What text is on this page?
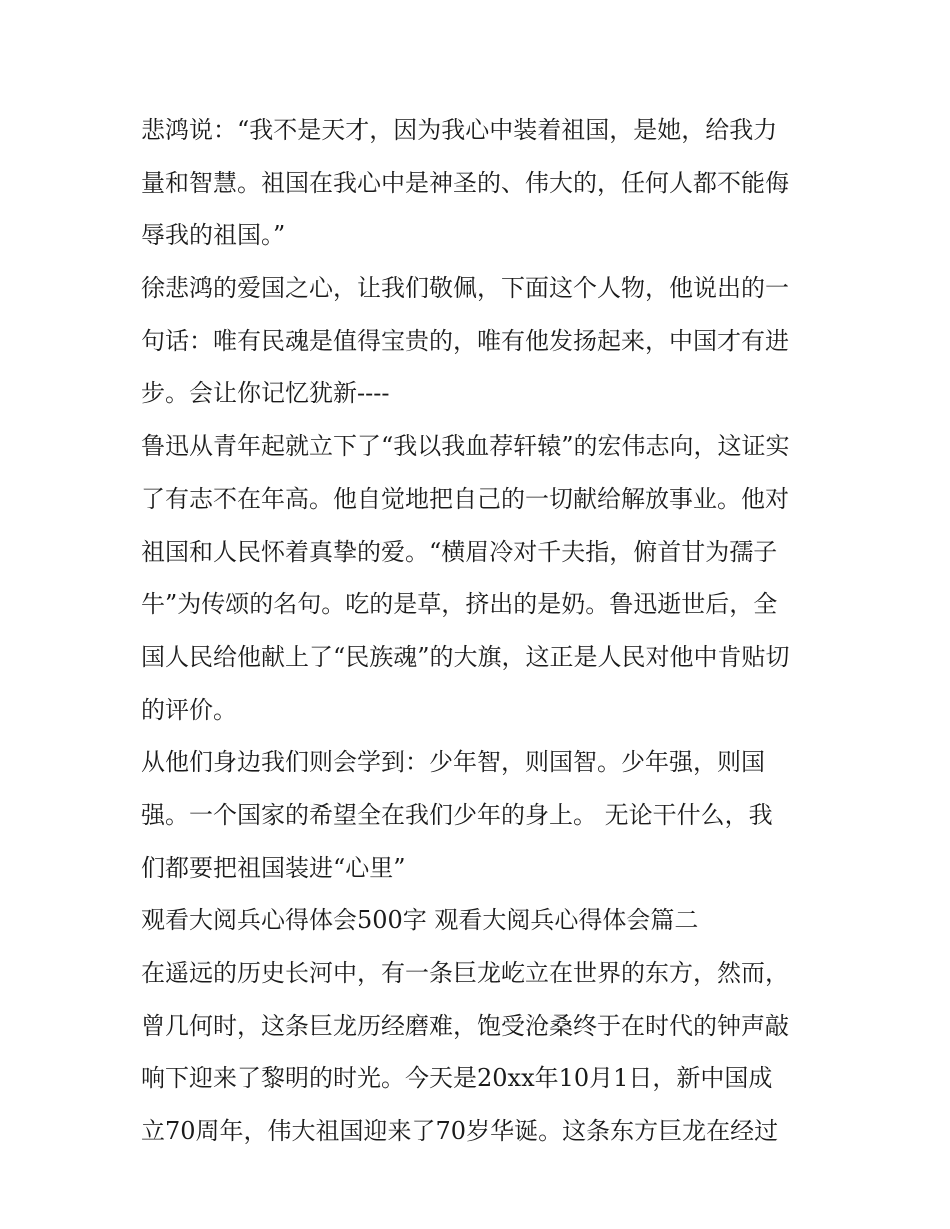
悲鸿说：“我不是天才，因为我心中装着祖国，是她，给我力
量和智慧。祖国在我心中是神圣的、伟大的，任何人都不能侮
辱我的祖国。”
徐悲鸿的爱国之心，让我们敬佩，下面这个人物，他说出的一
句话：唯有民魂是值得宝贵的，唯有他发扬起来，中国才有进
步。会让你记忆犹新----
鲁迅从青年起就立下了“我以我血荐轩辕”的宏伟志向，这证实
了有志不在年高。他自觉地把自己的一切献给解放事业。他对
祖国和人民怀着真挚的爱。“横眉冷对千夫指，俯首甘为孺子
牛”为传颂的名句。吃的是草，挤出的是奶。鲁迅逝世后，全
国人民给他献上了“民族魂”的大旗，这正是人民对他中肯贴切
的评价。
从他们身边我们则会学到：少年智，则国智。少年强，则国
强。一个国家的希望全在我们少年的身上。 无论干什么，我
们都要把祖国装进“心里”
观看大阅兵心得体会500字 观看大阅兵心得体会篇二
在遥远的历史长河中，有一条巨龙屹立在世界的东方，然而，
曾几何时，这条巨龙历经磨难，饱受沧桑终于在时代的钟声敲
响下迎来了黎明的时光。今天是20xx年10月1日，新中国成
立70周年，伟大祖国迎来了70岁华诞。这条东方巨龙在经过
